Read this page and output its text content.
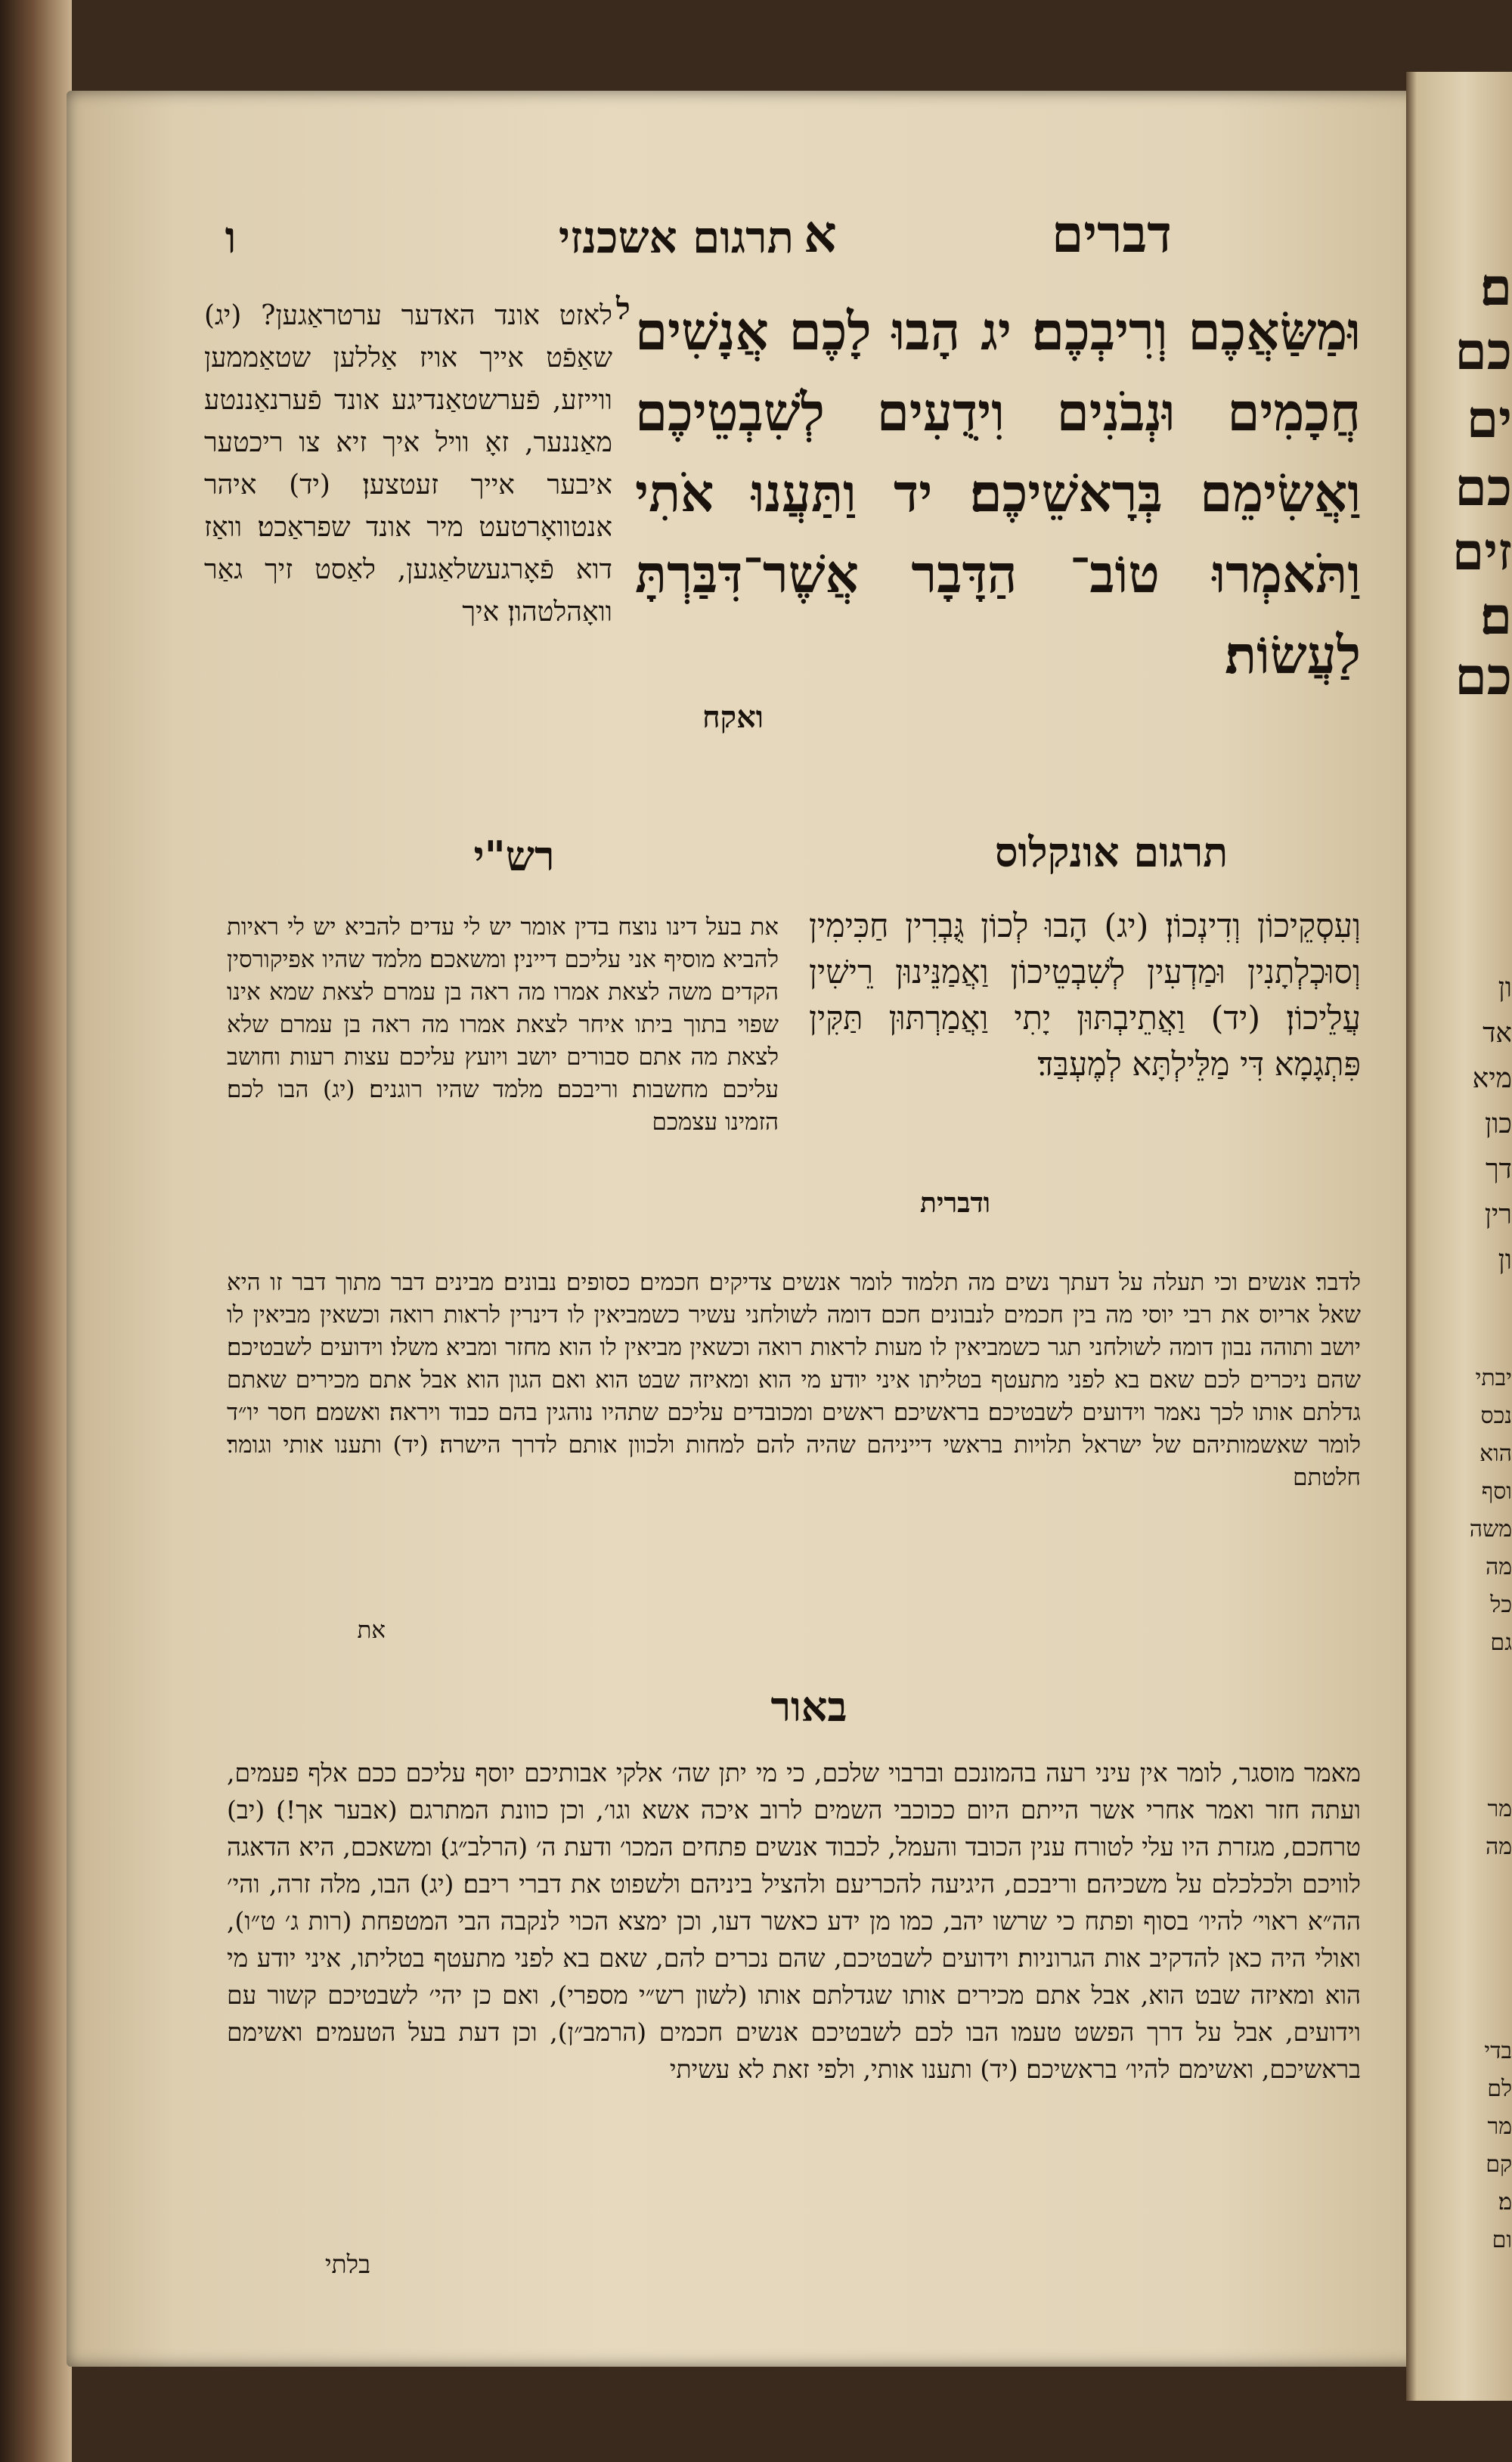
ם׃
כם
ים
כם
זים
ם׃
כם
ון
אד
מיא
כון
דך
רין
ון
יבתי
נכס
הוא
וסף
משה
מה
כל
גם
מר
מה
בדי
לם
מר
קם
מ׃
ום
דברים
א
תרגום אשכנזי
ו
ל וּמַשַּׂאֲכֶם וְרִיבְכֶם׃ יג הָבוּ לָכֶם אֲנָשִׁים חֲכָמִים וּנְבֹנִים וִידֻעִים לְשִׁבְטֵיכֶם וַאֲשִׂימֵם בְּרָאשֵׁיכֶם׃ יד וַתַּעֲנוּ אֹתִי וַתֹּאמְרוּ טוֹב־ הַדָּבָר אֲשֶׁר־דִּבַּרְתָּ לַעֲשׂוֹת׃
ואקח
לאזט אונד האדער ערטראַגען? (יג) שאַפֿט אייך אויז אַללען שטאַממען ווייזע, פֿערשטאַנדיגע אונד פֿערנאַננטע מאַננער, זאָ וויל איך זיא צו ריכטער איבער אייך זעטצען׃ (יד) איהר אנטוואָרטעט מיר אונד שפראַכט׃ וואַז דוא פֿאָרגעשלאַגען, לאַסט זיך גאַר וואָהלטהון׃ איך
תרגום אונקלוס
וְעִסְקֵיכוֹן וְדִינְכוֹן׃ (יג) הָבוּ לְכוֹן גֻּבְרִין חַכִּימִין וְסוּכְלְתָנִין וּמַדְעִין לְשִׁבְטֵיכוֹן וַאֲמַנֵּינוּן רֵישִׁין עֲלֵיכוֹן׃ (יד) וַאֲתֵיבְתּוּן יָתִי וַאֲמַרְתּוּן תַּקִּין פִּתְגָמָא דִּי מַלֵּילְתָּא לְמֶעְבַּד׃
ודברית
רש"י
את בעל דינו נוצח בדין אומר יש לי עדים להביא יש לי ראיות להביא מוסיף אני עליכם דיינין׃ ומשאכם׃ מלמד שהיו אפיקורסין הקדים משה לצאת אמרו מה ראה בן עמרם לצאת שמא אינו שפוי בתוך ביתו איחר לצאת אמרו מה ראה בן עמרם שלא לצאת מה אתם סבורים יושב ויועץ עליכם עצות רעות וחושב עליכם מחשבות׃ וריבכם׃ מלמד שהיו רוגנים׃ (יג) הבו לכם׃ הזמינו עצמכם
לדבר׃ אנשים׃ וכי תעלה על דעתך נשים מה תלמוד לומר אנשים צדיקים׃ חכמים׃ כסופים׃ נבונים׃ מבינים דבר מתוך דבר זו היא שאל אריוס את רבי יוסי מה בין חכמים לנבונים חכם דומה לשולחני עשיר כשמביאין לו דינרין לראות רואה וכשאין מביאין לו יושב ותוהה נבון דומה לשולחני תגר כשמביאין לו מעות לראות רואה וכשאין מביאין לו הוא מחזר ומביא משלו׃ וידועים לשבטיכם׃ שהם ניכרים לכם שאם בא לפני מתעטף בטליתו איני יודע מי הוא ומאיזה שבט הוא ואם הגון הוא אבל אתם מכירים שאתם גדלתם אותו לכך נאמר וידועים לשבטיכם׃ בראשיכם׃ ראשים ומכובדים עליכם שתהיו נוהגין בהם כבוד ויראה׃ ואשמם׃ חסר יו״ד לומר שאשמותיהם של ישראל תלויות בראשי דייניהם שהיה להם למחות ולכוון אותם לדרך הישרה׃ (יד) ותענו אותי וגומר׃ חלטתם
את
באור
מאמר מוסגר, לומר אין עיני רעה בהמונכם וברבוי שלכם, כי מי יתן שה׳ אלקי אבותיכם יוסף עליכם ככם אלף פעמים, ועתה חזר ואמר אחרי אשר הייתם היום ככוכבי השמים לרוב איכה אשא וגו׳, וכן כוונת המתרגם (אבער אך!)׃ (יב) טרחכם, מגזרת היו עלי לטורח ענין הכובד והעמל, לכבוד אנשים פתחים המכו׳ ודעת ה׳ (הרלב״ג)׃ ומשאכם, היא הדאגה לוויכם ולכלכלם על משכיהם׃ וריבכם, היגיעה להכריעם ולהציל ביניהם ולשפוט את דברי ריבם׃ (יג) הבו, מלה זרה, והי׳ הה״א ראוי׳ להיו׳ בסוף ופתח כי שרשו יהב, כמו מן ידע כאשר דעו, וכן ימצא הכוי לנקבה הבי המטפחת (רות ג׳ ט״ו), ואולי היה כאן להדקיב אות הגרוניות׃ וידועים לשבטיכם, שהם נכרים להם, שאם בא לפני מתעטף בטליתו, איני יודע מי הוא ומאיזה שבט הוא, אבל אתם מכירים אותו שגדלתם אותו (לשון רש״י מספרי), ואם כן יהי׳ לשבטיכם קשור עם וידועים, אבל על דרך הפשט טעמו הבו לכם לשבטיכם אנשים חכמים (הרמב״ן), וכן דעת בעל הטעמים׃ ואשימם בראשיכם, ואשימם להיו׳ בראשיכם׃ (יד) ותענו אותי, ולפי זאת לא עשיתי
בלתי
